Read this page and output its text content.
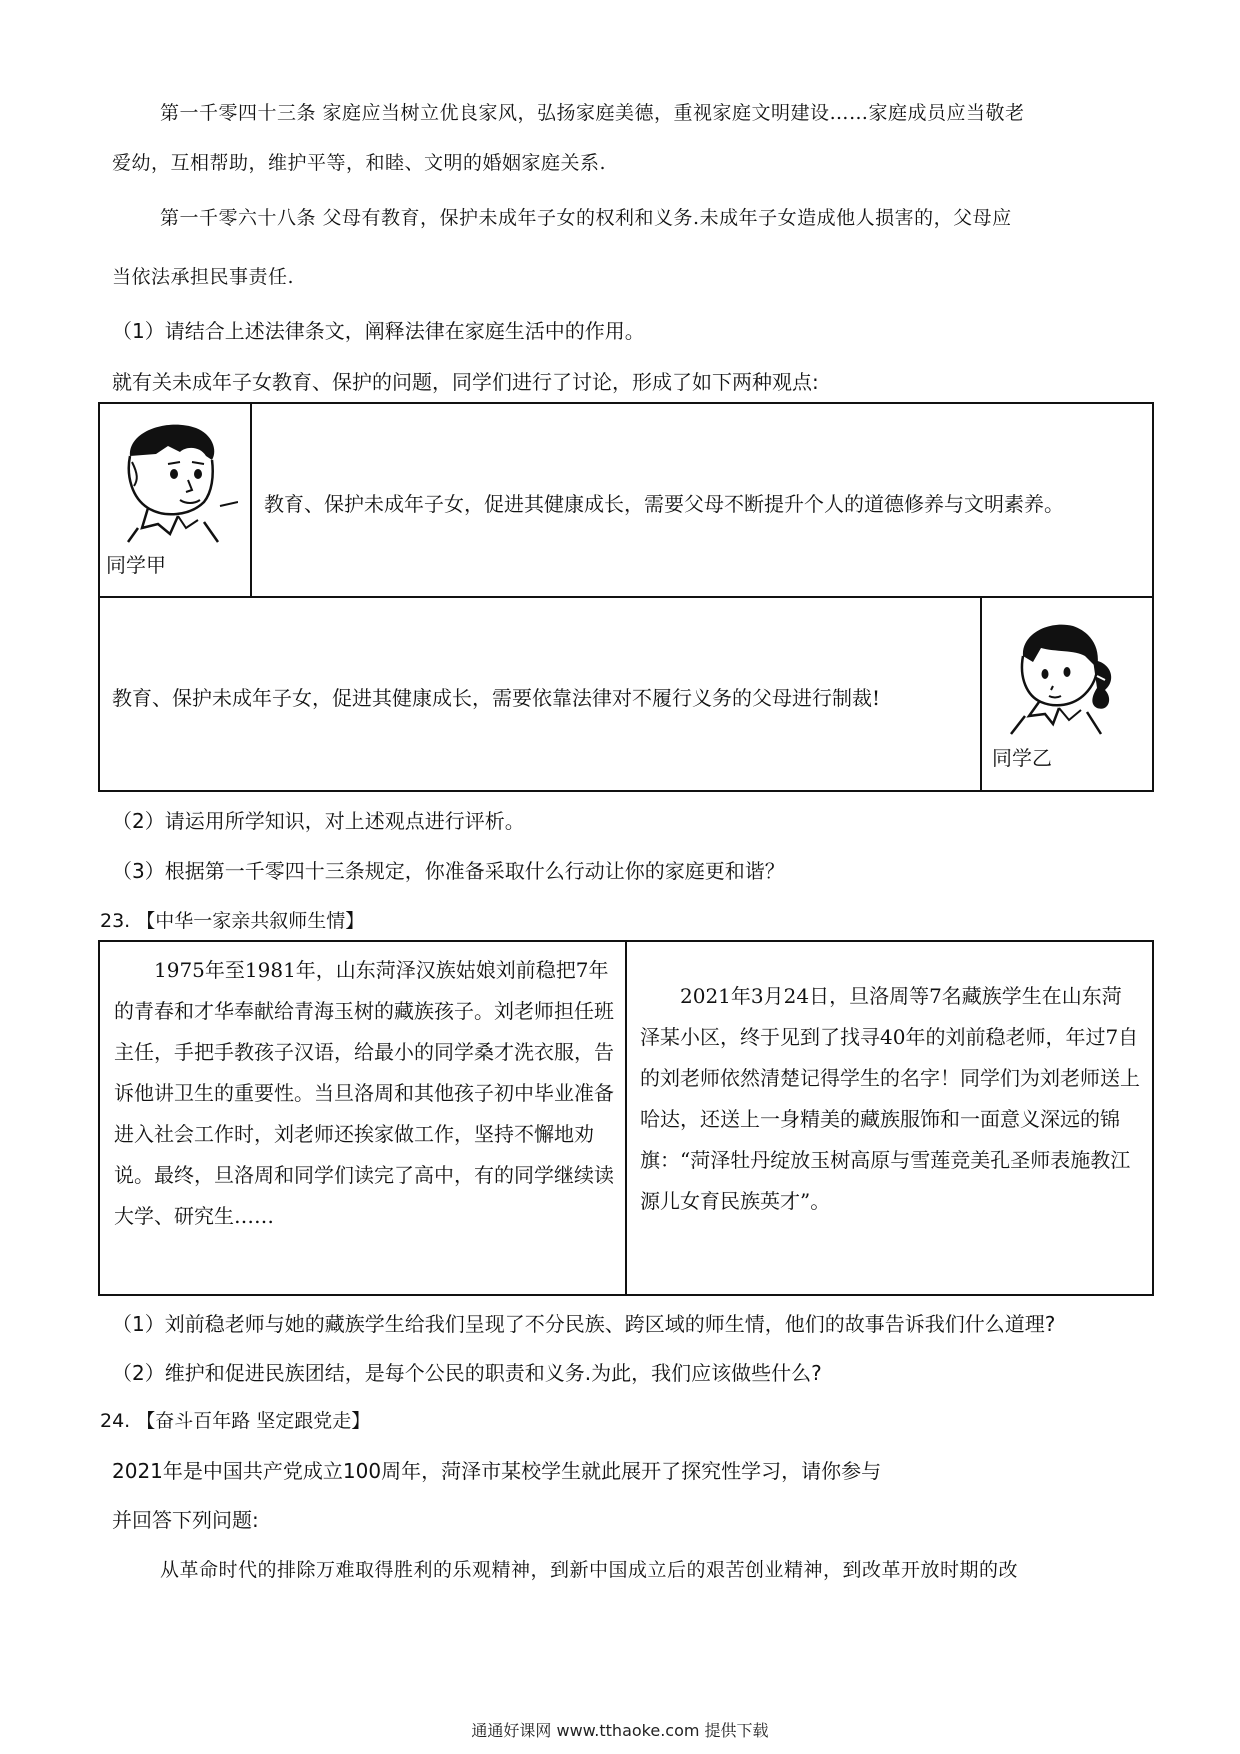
第一千零四十三条 家庭应当树立优良家风，弘扬家庭美德，重视家庭文明建设……家庭成员应当敬老
爱幼，互相帮助，维护平等，和睦、文明的婚姻家庭关系.
第一千零六十八条 父母有教育，保护未成年子女的权利和义务.未成年子女造成他人损害的，父母应
当依法承担民事责任.
（1）请结合上述法律条文，阐释法律在家庭生活中的作用。
就有关未成年子女教育、保护的问题，同学们进行了讨论，形成了如下两种观点:
同学甲
教育、保护未成年子女，促进其健康成长，需要父母不断提升个人的道德修养与文明素养。
教育、保护未成年子女，促进其健康成长，需要依靠法律对不履行义务的父母进行制裁!
同学乙
（2）请运用所学知识，对上述观点进行评析。
（3）根据第一千零四十三条规定，你准备采取什么行动让你的家庭更和谐？
23. 【中华一家亲共叙师生情】
1975年至1981年，山东菏泽汉族姑娘刘前稳把7年的青春和才华奉献给青海玉树的藏族孩子。刘老师担任班主任，手把手教孩子汉语，给最小的同学桑才洗衣服，告诉他讲卫生的重要性。当旦洛周和其他孩子初中毕业准备进入社会工作时，刘老师还挨家做工作，坚持不懈地劝说。最终，旦洛周和同学们读完了高中，有的同学继续读大学、研究生……
2021年3月24日，旦洛周等7名藏族学生在山东菏泽某小区，终于见到了找寻40年的刘前稳老师，年过7自的刘老师依然清楚记得学生的名字！同学们为刘老师送上哈达，还送上一身精美的藏族服饰和一面意义深远的锦旗：“菏泽牡丹绽放玉树高原与雪莲竞美孔圣师表施教江源儿女育民族英才”。
（1）刘前稳老师与她的藏族学生给我们呈现了不分民族、跨区域的师生情，他们的故事告诉我们什么道理?
（2）维护和促进民族团结，是每个公民的职责和义务.为此，我们应该做些什么?
24. 【奋斗百年路 坚定跟党走】
2021年是中国共产党成立100周年，菏泽市某校学生就此展开了探究性学习，请你参与
并回答下列问题:
从革命时代的排除万难取得胜利的乐观精神，到新中国成立后的艰苦创业精神，到改革开放时期的改
通通好课网 www.tthaoke.com 提供下载
